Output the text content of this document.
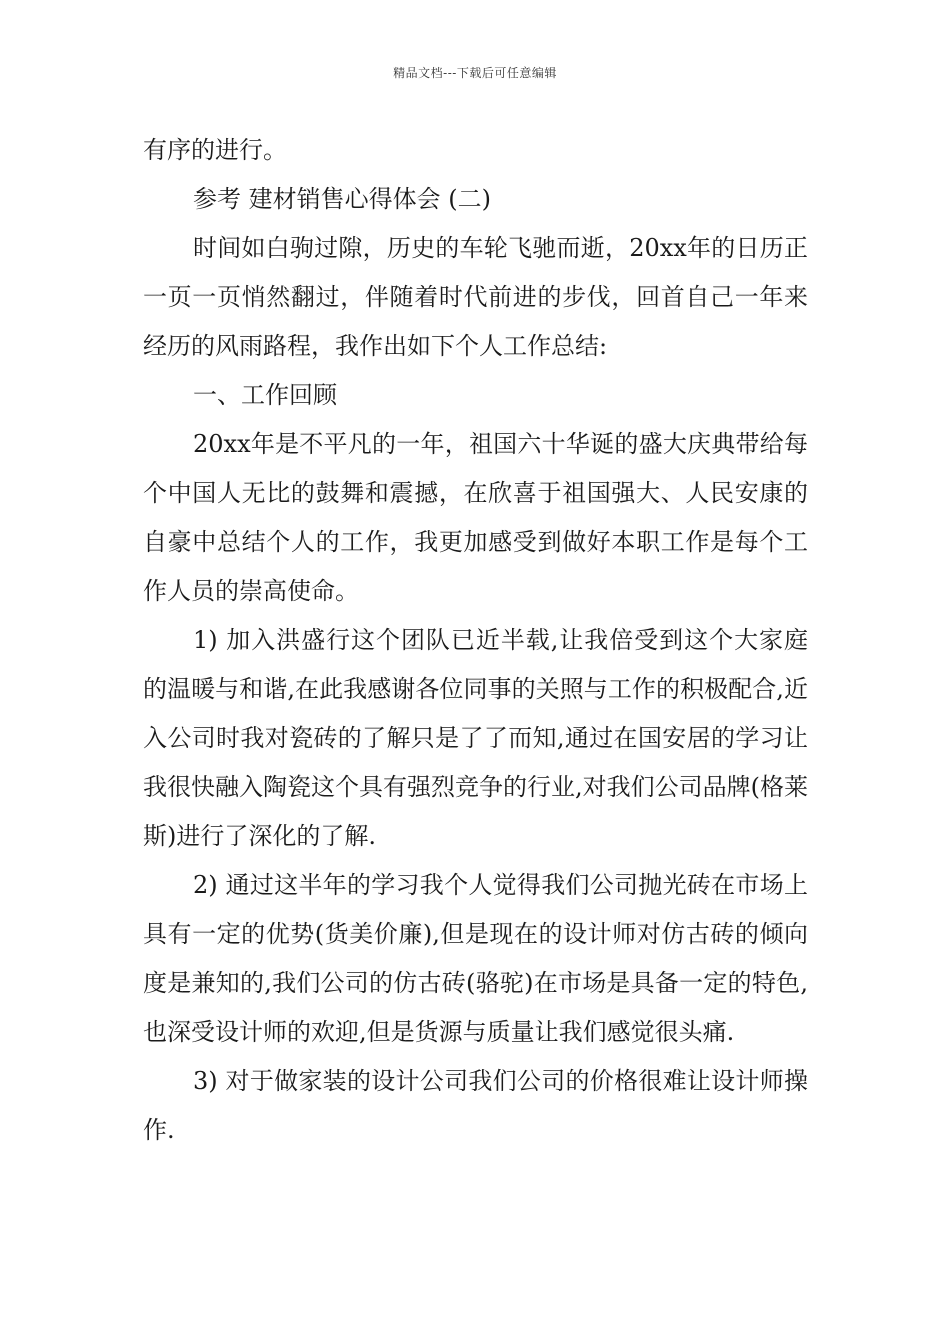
精品文档---下载后可任意编辑

有序的进行。

参考 建材销售心得体会 (二)

时间如白驹过隙，历史的车轮飞驰而逝，20xx年的日历正一页一页悄然翻过，伴随着时代前进的步伐，回首自己一年来经历的风雨路程，我作出如下个人工作总结:

一、工作回顾

20xx年是不平凡的一年，祖国六十华诞的盛大庆典带给每个中国人无比的鼓舞和震撼，在欣喜于祖国强大、人民安康的自豪中总结个人的工作，我更加感受到做好本职工作是每个工作人员的崇高使命。

1) 加入洪盛行这个团队已近半载,让我倍受到这个大家庭的温暖与和谐,在此我感谢各位同事的关照与工作的积极配合,近入公司时我对瓷砖的了解只是了了而知,通过在国安居的学习让我很快融入陶瓷这个具有强烈竞争的行业,对我们公司品牌(格莱斯)进行了深化的了解.

2) 通过这半年的学习我个人觉得我们公司抛光砖在市场上具有一定的优势(货美价廉),但是现在的设计师对仿古砖的倾向度是兼知的,我们公司的仿古砖(骆驼)在市场是具备一定的特色,也深受设计师的欢迎,但是货源与质量让我们感觉很头痛.

3) 对于做家装的设计公司我们公司的价格很难让设计师操作.
